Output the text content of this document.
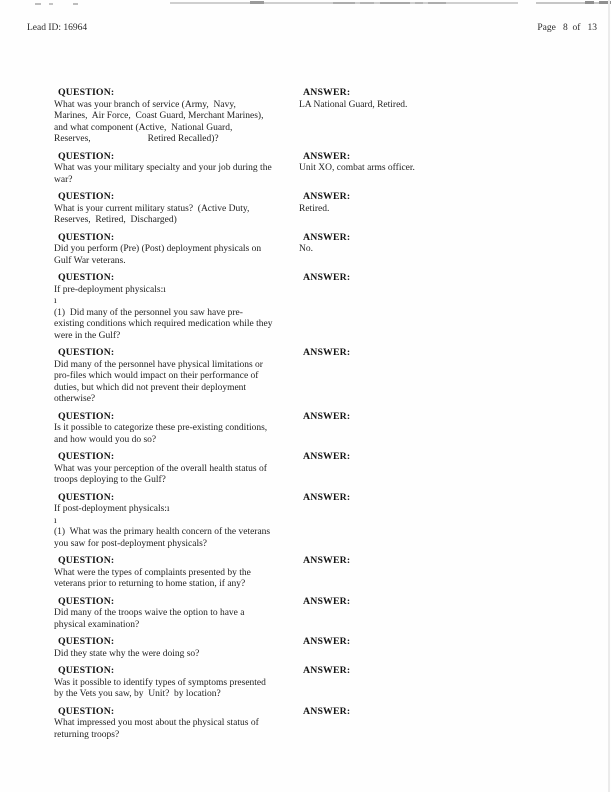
Lead ID: 16964	Page   8  of   13
QUESTION:
What was your branch of service (Army,  Navy,
Marines,  Air Force,  Coast Guard, Merchant Marines),
and what component (Active,  National Guard,
Reserves,                        Retired Recalled)?
ANSWER:
LA National Guard, Retired.
QUESTION:
What was your military specialty and your job during the
war?
ANSWER:
Unit XO, combat arms officer.
QUESTION:
What is your current military status?  (Active Duty,
Reserves,  Retired,  Discharged)
ANSWER:
Retired.
QUESTION:
Did you perform (Pre) (Post) deployment physicals on
Gulf War veterans.
ANSWER:
No.
QUESTION:
If pre-deployment physicals:ı
ı
(1)  Did many of the personnel you saw have pre-
existing conditions which required medication while they
were in the Gulf?
ANSWER:
QUESTION:
Did many of the personnel have physical limitations or
pro-files which would impact on their performance of
duties, but which did not prevent their deployment
otherwise?
ANSWER:
QUESTION:
Is it possible to categorize these pre-existing conditions,
and how would you do so?
ANSWER:
QUESTION:
What was your perception of the overall health status of
troops deploying to the Gulf?
ANSWER:
QUESTION:
If post-deployment physicals:ı
ı
(1)  What was the primary health concern of the veterans
you saw for post-deployment physicals?
ANSWER:
QUESTION:
What were the types of complaints presented by the
veterans prior to returning to home station, if any?
ANSWER:
QUESTION:
Did many of the troops waive the option to have a
physical examination?
ANSWER:
QUESTION:
Did they state why the were doing so?
ANSWER:
QUESTION:
Was it possible to identify types of symptoms presented
by the Vets you saw, by  Unit?  by location?
ANSWER:
QUESTION:
What impressed you most about the physical status of
returning troops?
ANSWER:
